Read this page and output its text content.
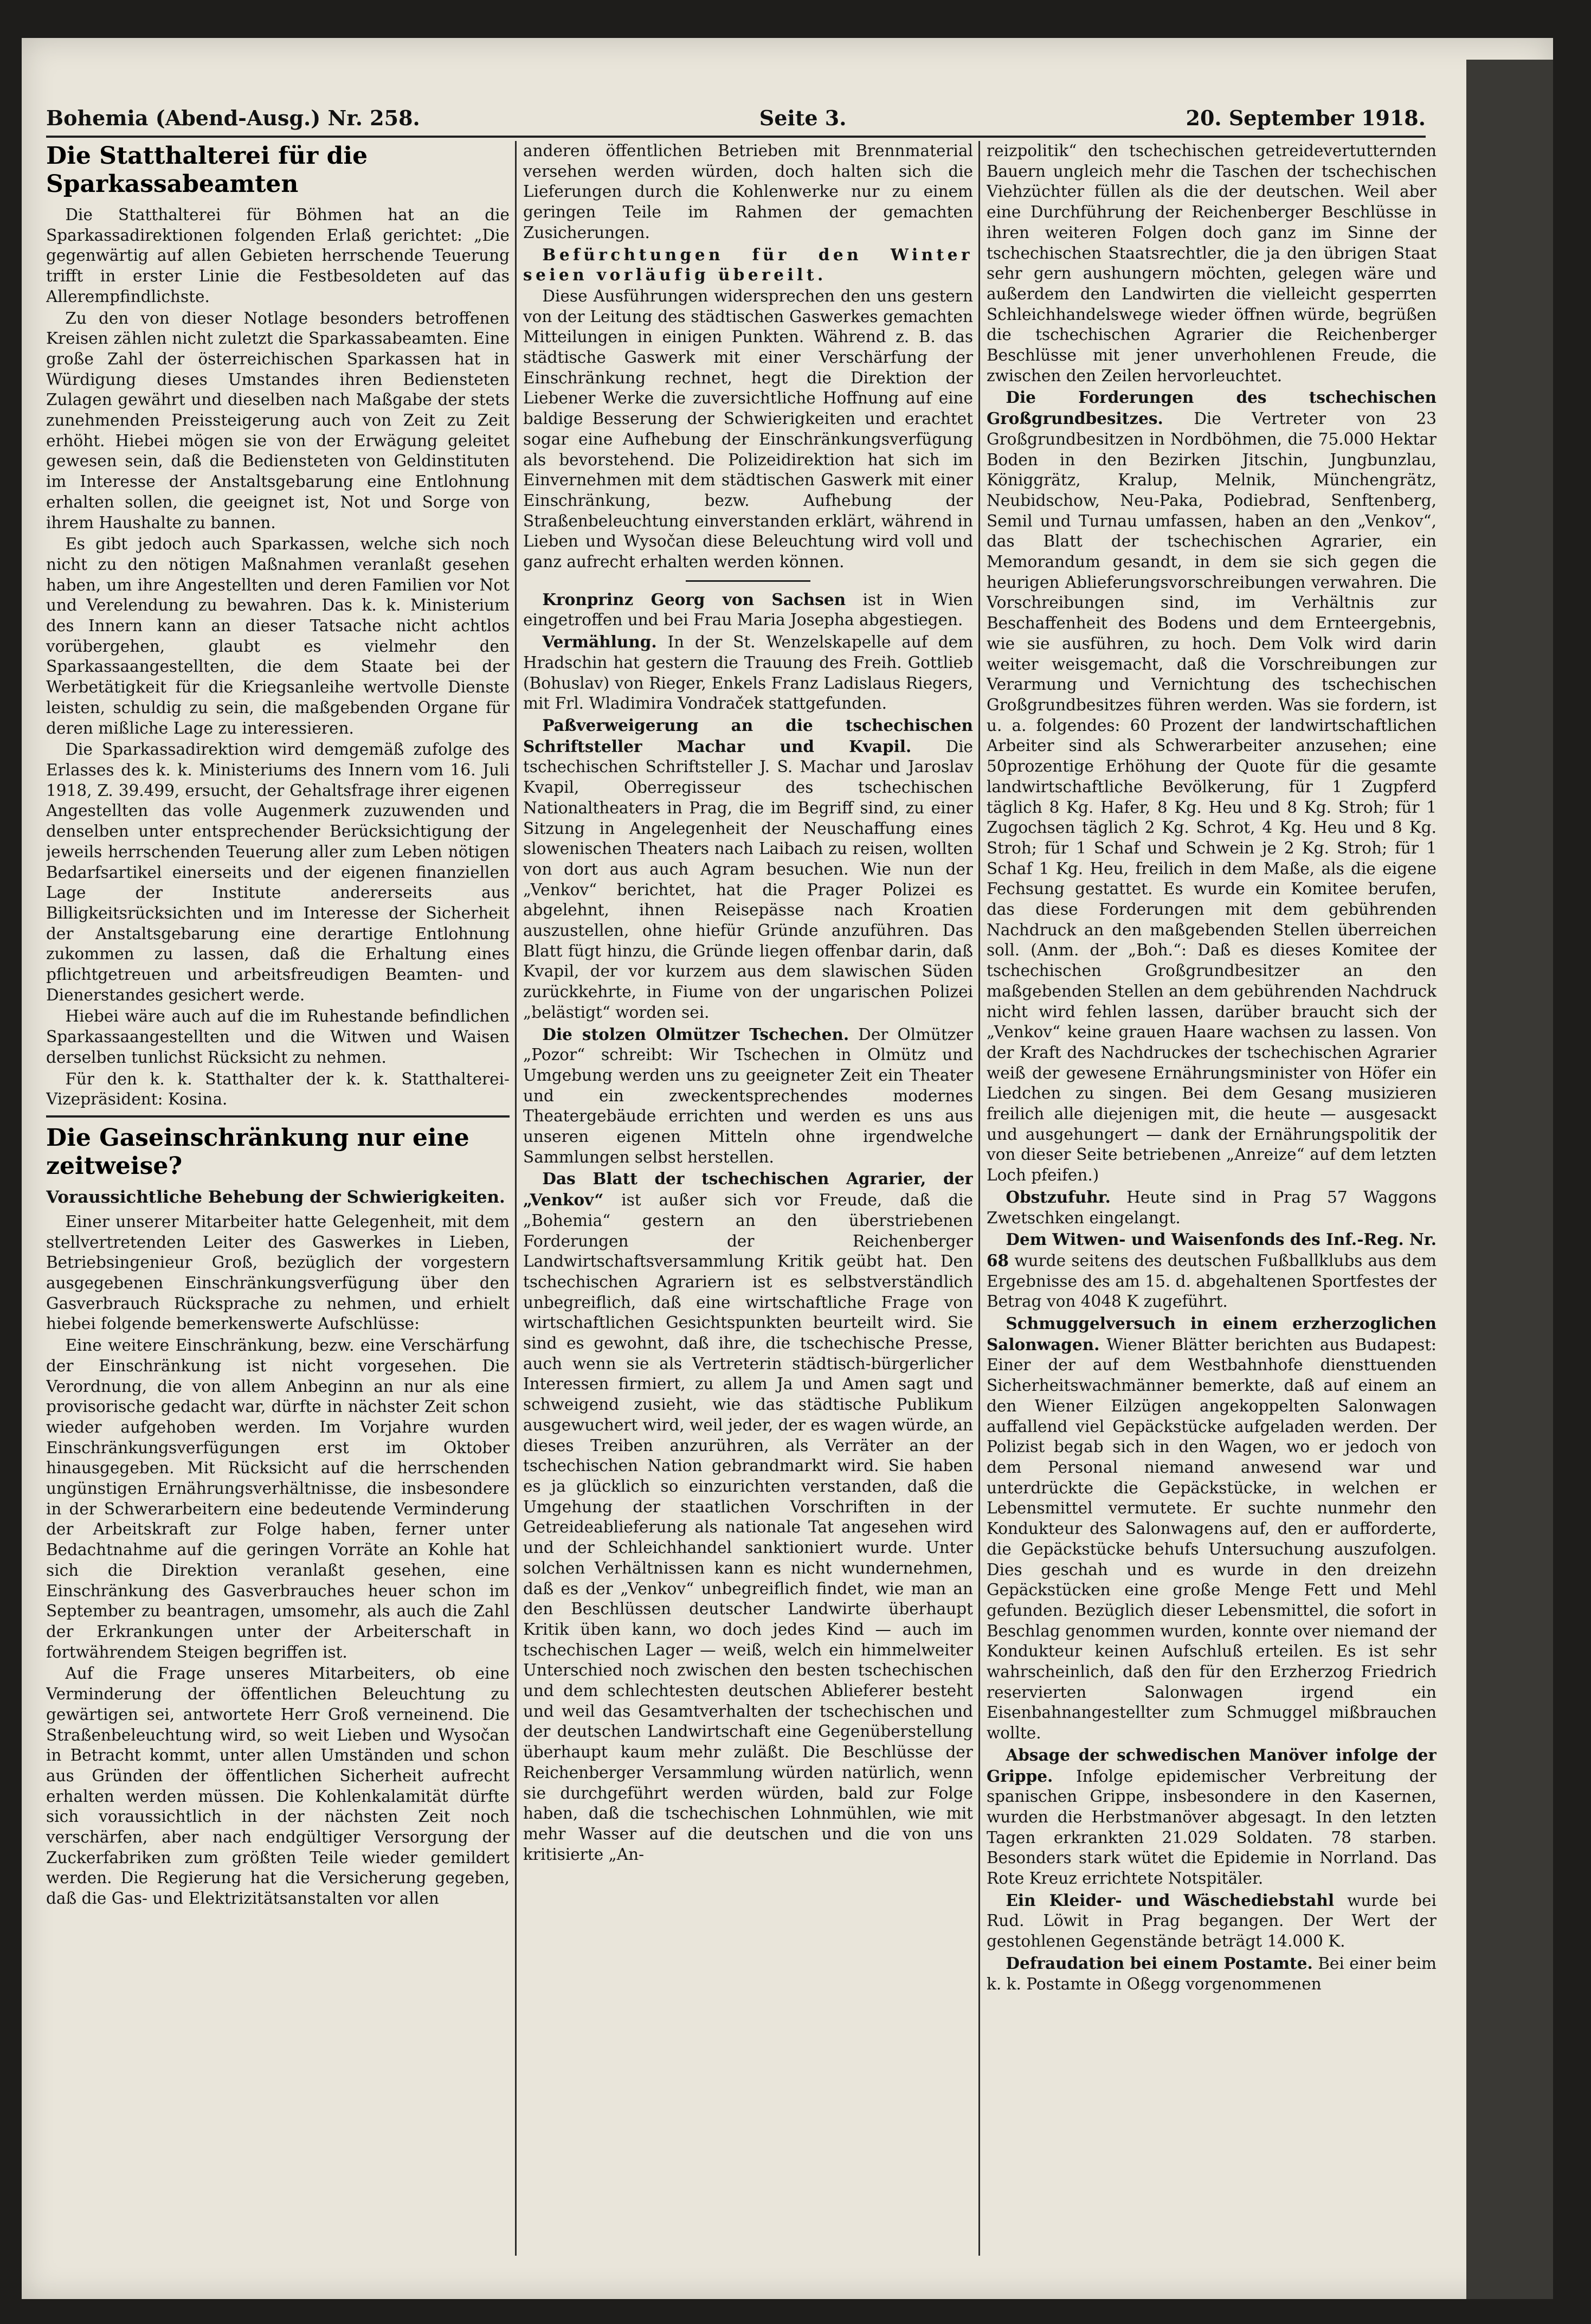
Bohemia (Abend-Ausg.) Nr. 258.	Seite 3.	20. September 1918.
Die Statthalterei für die Sparkassabeamten

Die Statthalterei für Böhmen hat an die Sparkassadirektionen folgenden Erlaß gerichtet: „Die gegenwärtig auf allen Gebieten herrschende Teuerung trifft in erster Linie die Festbesoldeten auf das Allerempfindlichste.

Zu den von dieser Notlage besonders betroffenen Kreisen zählen nicht zuletzt die Sparkassabeamten. Eine große Zahl der österreichischen Sparkassen hat in Würdigung dieses Umstandes ihren Bediensteten Zulagen gewährt und dieselben nach Maßgabe der stets zunehmenden Preissteigerung auch von Zeit zu Zeit erhöht. Hiebei mögen sie von der Erwägung geleitet gewesen sein, daß die Bediensteten von Geldinstituten im Interesse der Anstaltsgebarung eine Entlohnung erhalten sollen, die geeignet ist, Not und Sorge von ihrem Haushalte zu bannen.

Es gibt jedoch auch Sparkassen, welche sich noch nicht zu den nötigen Maßnahmen veranlaßt gesehen haben, um ihre Angestellten und deren Familien vor Not und Verelendung zu bewahren. Das k. k. Ministerium des Innern kann an dieser Tatsache nicht achtlos vorübergehen, glaubt es vielmehr den Sparkassaangestellten, die dem Staate bei der Werbetätigkeit für die Kriegsanleihe wertvolle Dienste leisten, schuldig zu sein, die maßgebenden Organe für deren mißliche Lage zu interessieren.

Die Sparkassadirektion wird demgemäß zufolge des Erlasses des k. k. Ministeriums des Innern vom 16. Juli 1918, Z. 39.499, ersucht, der Gehaltsfrage ihrer eigenen Angestellten das volle Augenmerk zuzuwenden und denselben unter entsprechender Berücksichtigung der jeweils herrschenden Teuerung aller zum Leben nötigen Bedarfsartikel einerseits und der eigenen finanziellen Lage der Institute andererseits aus Billigkeitsrücksichten und im Interesse der Sicherheit der Anstaltsgebarung eine derartige Entlohnung zukommen zu lassen, daß die Erhaltung eines pflichtgetreuen und arbeitsfreudigen Beamten- und Dienerstandes gesichert werde.

Hiebei wäre auch auf die im Ruhestande befindlichen Sparkassaangestellten und die Witwen und Waisen derselben tunlichst Rücksicht zu nehmen.

Für den k. k. Statthalter der k. k. Statthalterei-Vizepräsident: Kosina.

Die Gaseinschränkung nur eine zeitweise?
Voraussichtliche Behebung der Schwierigkeiten.

Einer unserer Mitarbeiter hatte Gelegenheit, mit dem stellvertretenden Leiter des Gaswerkes in Lieben, Betriebsingenieur Groß, bezüglich der vorgestern ausgegebenen Einschränkungsverfügung über den Gasverbrauch Rücksprache zu nehmen, und erhielt hiebei folgende bemerkenswerte Aufschlüsse:

Eine weitere Einschränkung, bezw. eine Verschärfung der Einschränkung ist nicht vorgesehen. Die Verordnung, die von allem Anbeginn an nur als eine provisorische gedacht war, dürfte in nächster Zeit schon wieder aufgehoben werden. Im Vorjahre wurden Einschränkungsverfügungen erst im Oktober hinausgegeben. Mit Rücksicht auf die herrschenden ungünstigen Ernährungsverhältnisse, die insbesondere in der Schwerarbeitern eine bedeutende Verminderung der Arbeitskraft zur Folge haben, ferner unter Bedachtnahme auf die geringen Vorräte an Kohle hat sich die Direktion veranlaßt gesehen, eine Einschränkung des Gasverbrauches heuer schon im September zu beantragen, umsomehr, als auch die Zahl der Erkrankungen unter der Arbeiterschaft in fortwährendem Steigen begriffen ist.

Auf die Frage unseres Mitarbeiters, ob eine Verminderung der öffentlichen Beleuchtung zu gewärtigen sei, antwortete Herr Groß verneinend. Die Straßenbeleuchtung wird, so weit Lieben und Wysočan in Betracht kommt, unter allen Umständen und schon aus Gründen der öffentlichen Sicherheit aufrecht erhalten werden müssen. Die Kohlenkalamität dürfte sich voraussichtlich in der nächsten Zeit noch verschärfen, aber nach endgültiger Versorgung der Zuckerfabriken zum größten Teile wieder gemildert werden. Die Regierung hat die Versicherung gegeben, daß die Gas- und Elektrizitätsanstalten vor allen

anderen öffentlichen Betrieben mit Brennmaterial versehen werden würden, doch halten sich die Lieferungen durch die Kohlenwerke nur zu einem geringen Teile im Rahmen der gemachten Zusicherungen.

Befürchtungen für den Winter seien vorläufig übereilt.

Diese Ausführungen widersprechen den uns gestern von der Leitung des städtischen Gaswerkes gemachten Mitteilungen in einigen Punkten. Während z. B. das städtische Gaswerk mit einer Verschärfung der Einschränkung rechnet, hegt die Direktion der Liebener Werke die zuversichtliche Hoffnung auf eine baldige Besserung der Schwierigkeiten und erachtet sogar eine Aufhebung der Einschränkungsverfügung als bevorstehend. Die Polizeidirektion hat sich im Einvernehmen mit dem städtischen Gaswerk mit einer Einschränkung, bezw. Aufhebung der Straßenbeleuchtung einverstanden erklärt, während in Lieben und Wysočan diese Beleuchtung wird voll und ganz aufrecht erhalten werden können.

Kronprinz Georg von Sachsen ist in Wien eingetroffen und bei Frau Maria Josepha abgestiegen.

Vermählung. In der St. Wenzelskapelle auf dem Hradschin hat gestern die Trauung des Freih. Gottlieb (Bohuslav) von Rieger, Enkels Franz Ladislaus Riegers, mit Frl. Wladimira Vondraček stattgefunden.

Paßverweigerung an die tschechischen Schriftsteller Machar und Kvapil. Die tschechischen Schriftsteller J. S. Machar und Jaroslav Kvapil, Oberregisseur des tschechischen Nationaltheaters in Prag, die im Begriff sind, zu einer Sitzung in Angelegenheit der Neuschaffung eines slowenischen Theaters nach Laibach zu reisen, wollten von dort aus auch Agram besuchen. Wie nun der „Venkov“ berichtet, hat die Prager Polizei es abgelehnt, ihnen Reisepässe nach Kroatien auszustellen, ohne hiefür Gründe anzuführen. Das Blatt fügt hinzu, die Gründe liegen offenbar darin, daß Kvapil, der vor kurzem aus dem slawischen Süden zurückkehrte, in Fiume von der ungarischen Polizei „belästigt“ worden sei.

Die stolzen Olmützer Tschechen. Der Olmützer „Pozor“ schreibt: Wir Tschechen in Olmütz und Umgebung werden uns zu geeigneter Zeit ein Theater und ein zweckentsprechendes modernes Theatergebäude errichten und werden es uns aus unseren eigenen Mitteln ohne irgendwelche Sammlungen selbst herstellen.

Das Blatt der tschechischen Agrarier, der „Venkov“ ist außer sich vor Freude, daß die „Bohemia“ gestern an den überstriebenen Forderungen der Reichenberger Landwirtschaftsversammlung Kritik geübt hat. Den tschechischen Agrariern ist es selbstverständlich unbegreiflich, daß eine wirtschaftliche Frage von wirtschaftlichen Gesichtspunkten beurteilt wird. Sie sind es gewohnt, daß ihre, die tschechische Presse, auch wenn sie als Vertreterin städtisch-bürgerlicher Interessen firmiert, zu allem Ja und Amen sagt und schweigend zusieht, wie das städtische Publikum ausgewuchert wird, weil jeder, der es wagen würde, an dieses Treiben anzurühren, als Verräter an der tschechischen Nation gebrandmarkt wird. Sie haben es ja glücklich so einzurichten verstanden, daß die Umgehung der staatlichen Vorschriften in der Getreideablieferung als nationale Tat angesehen wird und der Schleichhandel sanktioniert wurde. Unter solchen Verhältnissen kann es nicht wundernehmen, daß es der „Venkov“ unbegreiflich findet, wie man an den Beschlüssen deutscher Landwirte überhaupt Kritik üben kann, wo doch jedes Kind — auch im tschechischen Lager — weiß, welch ein himmelweiter Unterschied noch zwischen den besten tschechischen und dem schlechtesten deutschen Ablieferer besteht und weil das Gesamtverhalten der tschechischen und der deutschen Landwirtschaft eine Gegenüberstellung überhaupt kaum mehr zuläßt. Die Beschlüsse der Reichenberger Versammlung würden natürlich, wenn sie durchgeführt werden würden, bald zur Folge haben, daß die tschechischen Lohnmühlen, wie mit mehr Wasser auf die deutschen und die von uns kritisierte „An-

reizpolitik“ den tschechischen getreidevertutternden Bauern ungleich mehr die Taschen der tschechischen Viehzüchter füllen als die der deutschen. Weil aber eine Durchführung der Reichenberger Beschlüsse in ihren weiteren Folgen doch ganz im Sinne der tschechischen Staatsrechtler, die ja den übrigen Staat sehr gern aushungern möchten, gelegen wäre und außerdem den Landwirten die vielleicht gesperrten Schleichhandelswege wieder öffnen würde, begrüßen die tschechischen Agrarier die Reichenberger Beschlüsse mit jener unverhohlenen Freude, die zwischen den Zeilen hervorleuchtet.

Die Forderungen des tschechischen Großgrundbesitzes. Die Vertreter von 23 Großgrundbesitzen in Nordböhmen, die 75.000 Hektar Boden in den Bezirken Jitschin, Jungbunzlau, Königgrätz, Kralup, Melnik, Münchengrätz, Neubidschow, Neu-Paka, Podiebrad, Senftenberg, Semil und Turnau umfassen, haben an den „Venkov“, das Blatt der tschechischen Agrarier, ein Memorandum gesandt, in dem sie sich gegen die heurigen Ablieferungsvorschreibungen verwahren. Die Vorschreibungen sind, im Verhältnis zur Beschaffenheit des Bodens und dem Ernteergebnis, wie sie ausführen, zu hoch. Dem Volk wird darin weiter weisgemacht, daß die Vorschreibungen zur Verarmung und Vernichtung des tschechischen Großgrundbesitzes führen werden. Was sie fordern, ist u. a. folgendes: 60 Prozent der landwirtschaftlichen Arbeiter sind als Schwerarbeiter anzusehen; eine 50prozentige Erhöhung der Quote für die gesamte landwirtschaftliche Bevölkerung, für 1 Zugpferd täglich 8 Kg. Hafer, 8 Kg. Heu und 8 Kg. Stroh; für 1 Zugochsen täglich 2 Kg. Schrot, 4 Kg. Heu und 8 Kg. Stroh; für 1 Schaf und Schwein je 2 Kg. Stroh; für 1 Schaf 1 Kg. Heu, freilich in dem Maße, als die eigene Fechsung gestattet. Es wurde ein Komitee berufen, das diese Forderungen mit dem gebührenden Nachdruck an den maßgebenden Stellen überreichen soll. (Anm. der „Boh.“: Daß es dieses Komitee der tschechischen Großgrundbesitzer an den maßgebenden Stellen an dem gebührenden Nachdruck nicht wird fehlen lassen, darüber braucht sich der „Venkov“ keine grauen Haare wachsen zu lassen. Von der Kraft des Nachdruckes der tschechischen Agrarier weiß der gewesene Ernährungsminister von Höfer ein Liedchen zu singen. Bei dem Gesang musizieren freilich alle diejenigen mit, die heute — ausgesackt und ausgehungert — dank der Ernährungspolitik der von dieser Seite betriebenen „Anreize“ auf dem letzten Loch pfeifen.)

Obstzufuhr. Heute sind in Prag 57 Waggons Zwetschken eingelangt.

Dem Witwen- und Waisenfonds des Inf.-Reg. Nr. 68 wurde seitens des deutschen Fußballklubs aus dem Ergebnisse des am 15. d. abgehaltenen Sportfestes der Betrag von 4048 K zugeführt.

Schmuggelversuch in einem erzherzoglichen Salonwagen. Wiener Blätter berichten aus Budapest: Einer der auf dem Westbahnhofe diensttuenden Sicherheitswachmänner bemerkte, daß auf einem an den Wiener Eilzügen angekoppelten Salonwagen auffallend viel Gepäckstücke aufgeladen werden. Der Polizist begab sich in den Wagen, wo er jedoch von dem Personal niemand anwesend war und unterdrückte die Gepäckstücke, in welchen er Lebensmittel vermutete. Er suchte nunmehr den Kondukteur des Salonwagens auf, den er aufforderte, die Gepäckstücke behufs Untersuchung auszufolgen. Dies geschah und es wurde in den dreizehn Gepäckstücken eine große Menge Fett und Mehl gefunden. Bezüglich dieser Lebensmittel, die sofort in Beschlag genommen wurden, konnte over niemand der Kondukteur keinen Aufschluß erteilen. Es ist sehr wahrscheinlich, daß den für den Erzherzog Friedrich reservierten Salonwagen irgend ein Eisenbahnangestellter zum Schmuggel mißbrauchen wollte.

Absage der schwedischen Manöver infolge der Grippe. Infolge epidemischer Verbreitung der spanischen Grippe, insbesondere in den Kasernen, wurden die Herbstmanöver abgesagt. In den letzten Tagen erkrankten 21.029 Soldaten. 78 starben. Besonders stark wütet die Epidemie in Norrland. Das Rote Kreuz errichtete Notspitäler.

Ein Kleider- und Wäschediebstahl wurde bei Rud. Löwit in Prag begangen. Der Wert der gestohlenen Gegenstände beträgt 14.000 K.

Defraudation bei einem Postamte. Bei einer beim k. k. Postamte in Oßegg vorgenommenen
